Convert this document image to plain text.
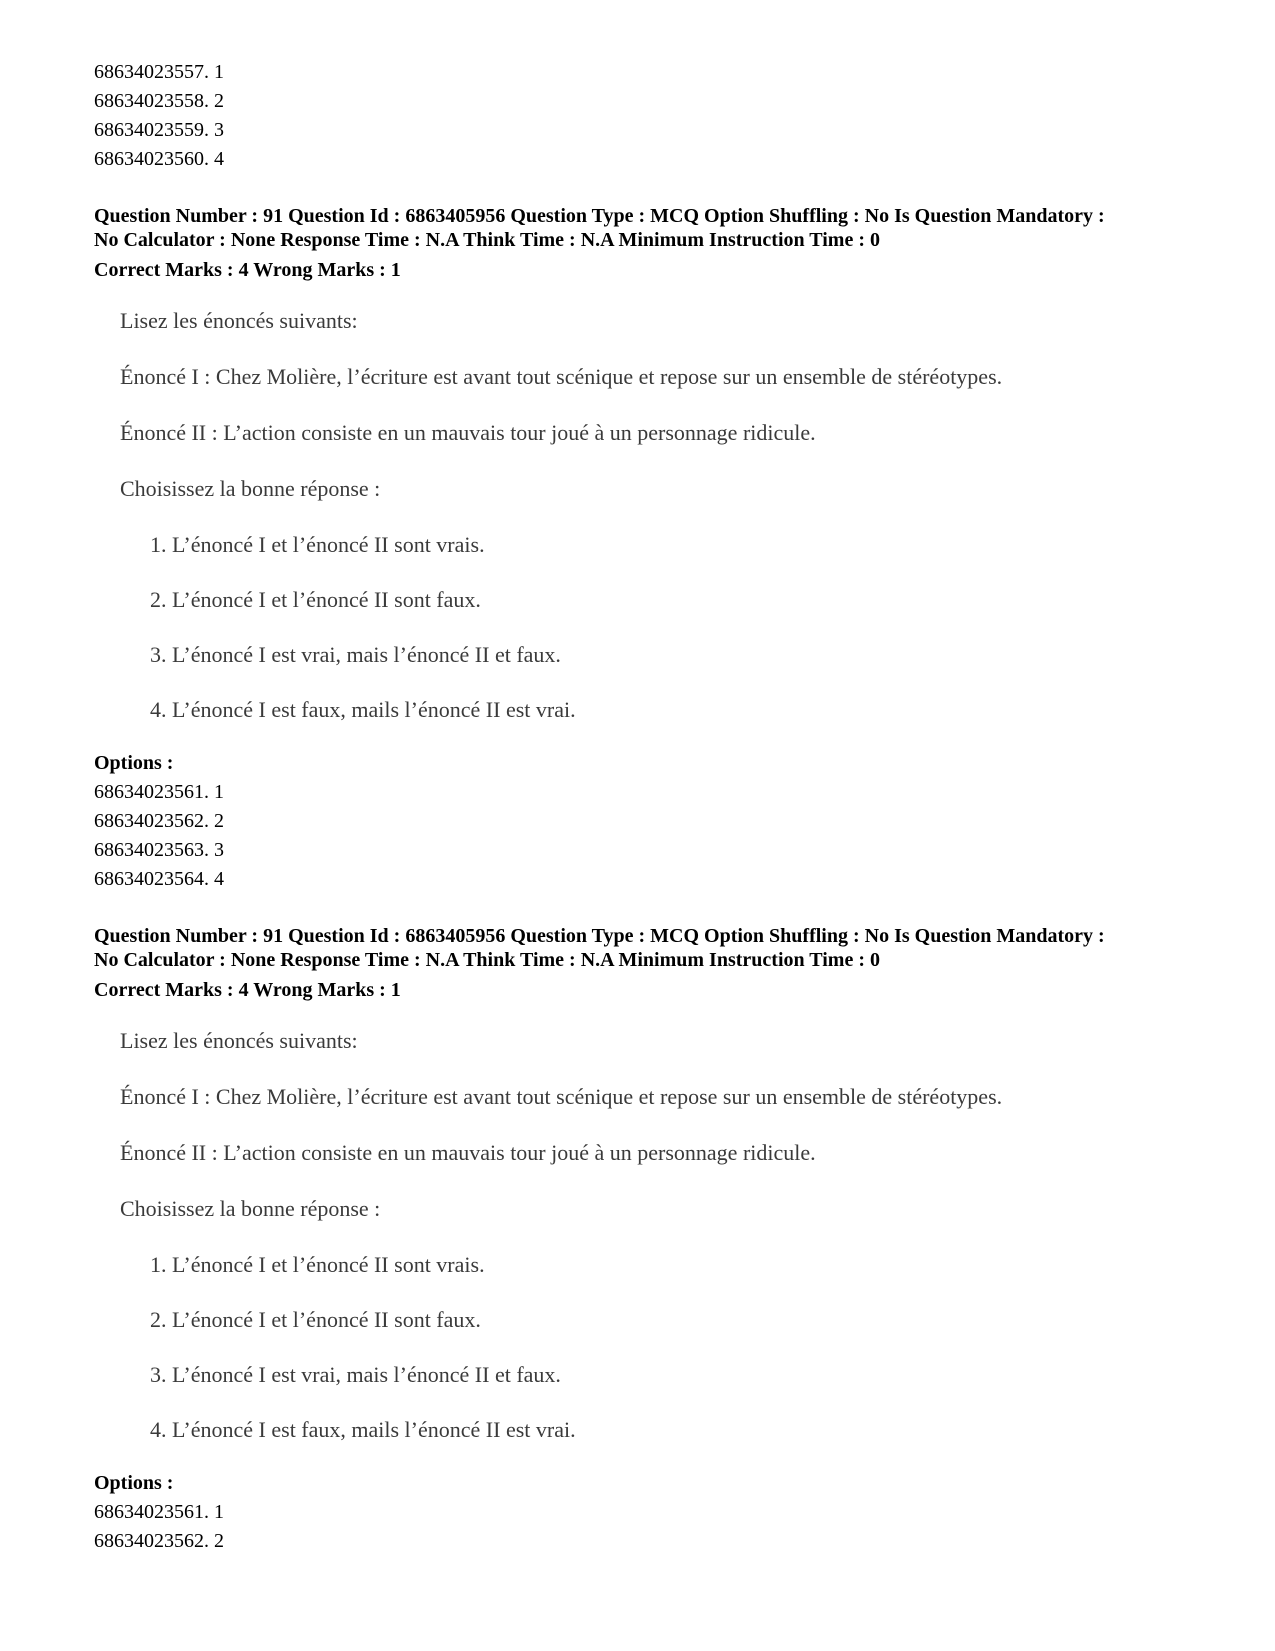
68634023557. 1
68634023558. 2
68634023559. 3
68634023560. 4
Question Number : 91 Question Id : 6863405956 Question Type : MCQ Option Shuffling : No Is Question Mandatory :
No Calculator : None Response Time : N.A Think Time : N.A Minimum Instruction Time : 0
Correct Marks : 4 Wrong Marks : 1
Lisez les énoncés suivants:
Énoncé I : Chez Molière, l’écriture est avant tout scénique et repose sur un ensemble de stéréotypes.
Énoncé II : L’action consiste en un mauvais tour joué à un personnage ridicule.
Choisissez la bonne réponse :
1. L’énoncé I et l’énoncé II sont vrais.
2. L’énoncé I et l’énoncé II sont faux.
3. L’énoncé I est vrai, mais l’énoncé II et faux.
4. L’énoncé I est faux, mails l’énoncé II est vrai.
Options :
68634023561. 1
68634023562. 2
68634023563. 3
68634023564. 4
Question Number : 91 Question Id : 6863405956 Question Type : MCQ Option Shuffling : No Is Question Mandatory :
No Calculator : None Response Time : N.A Think Time : N.A Minimum Instruction Time : 0
Correct Marks : 4 Wrong Marks : 1
Lisez les énoncés suivants:
Énoncé I : Chez Molière, l’écriture est avant tout scénique et repose sur un ensemble de stéréotypes.
Énoncé II : L’action consiste en un mauvais tour joué à un personnage ridicule.
Choisissez la bonne réponse :
1. L’énoncé I et l’énoncé II sont vrais.
2. L’énoncé I et l’énoncé II sont faux.
3. L’énoncé I est vrai, mais l’énoncé II et faux.
4. L’énoncé I est faux, mails l’énoncé II est vrai.
Options :
68634023561. 1
68634023562. 2
